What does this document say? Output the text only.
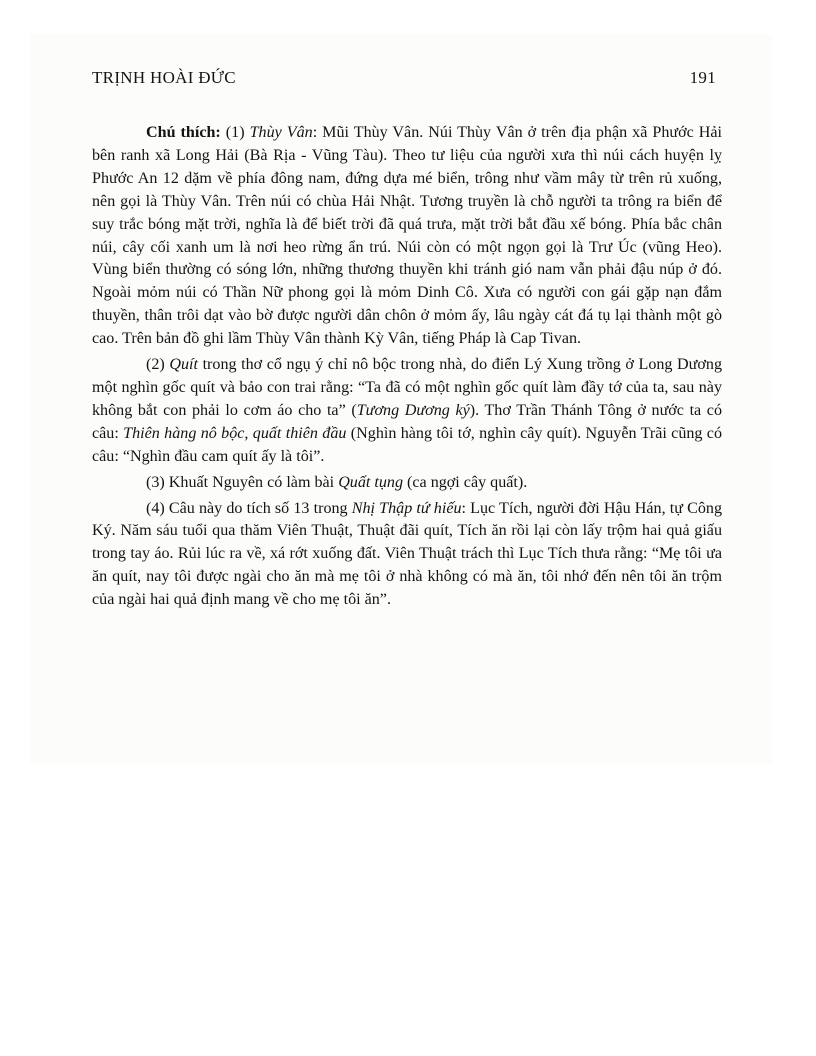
TRỊNH HOÀI ĐỨC	191

Chú thích: (1) Thùy Vân: Mũi Thùy Vân. Núi Thùy Vân ở trên địa phận xã Phước Hải bên ranh xã Long Hải (Bà Rịa - Vũng Tàu). Theo tư liệu của người xưa thì núi cách huyện lỵ Phước An 12 dặm về phía đông nam, đứng dựa mé biển, trông như vầm mây từ trên rủ xuống, nên gọi là Thùy Vân. Trên núi có chùa Hải Nhật. Tương truyền là chỗ người ta trông ra biển để suy trắc bóng mặt trời, nghĩa là để biết trời đã quá trưa, mặt trời bắt đầu xế bóng. Phía bắc chân núi, cây cối xanh um là nơi heo rừng ẩn trú. Núi còn có một ngọn gọi là Trư Úc (vũng Heo). Vùng biển thường có sóng lớn, những thương thuyền khi tránh gió nam vẫn phải đậu núp ở đó. Ngoài mỏm núi có Thần Nữ phong gọi là mỏm Dinh Cô. Xưa có người con gái gặp nạn đắm thuyền, thân trôi dạt vào bờ được người dân chôn ở mỏm ấy, lâu ngày cát đá tụ lại thành một gò cao. Trên bản đồ ghi lầm Thùy Vân thành Kỳ Vân, tiếng Pháp là Cap Tivan.

(2) Quít trong thơ cổ ngụ ý chỉ nô bộc trong nhà, do điển Lý Xung trồng ở Long Dương một nghìn gốc quít và bảo con trai rằng: “Ta đã có một nghìn gốc quít làm đầy tớ của ta, sau này không bắt con phải lo cơm áo cho ta” (Tương Dương ký). Thơ Trần Thánh Tông ở nước ta có câu: Thiên hàng nô bộc, quất thiên đầu (Nghìn hàng tôi tớ, nghìn cây quít). Nguyễn Trãi cũng có câu: “Nghìn đầu cam quít ấy là tôi”.

(3) Khuất Nguyên có làm bài Quất tụng (ca ngợi cây quất).

(4) Câu này do tích số 13 trong Nhị Thập tứ hiếu: Lục Tích, người đời Hậu Hán, tự Công Ký. Năm sáu tuổi qua thăm Viên Thuật, Thuật đãi quít, Tích ăn rồi lại còn lấy trộm hai quả giấu trong tay áo. Rủi lúc ra về, xá rớt xuống đất. Viên Thuật trách thì Lục Tích thưa rằng: “Mẹ tôi ưa ăn quít, nay tôi được ngài cho ăn mà mẹ tôi ở nhà không có mà ăn, tôi nhớ đến nên tôi ăn trộm của ngài hai quả định mang về cho mẹ tôi ăn”.
